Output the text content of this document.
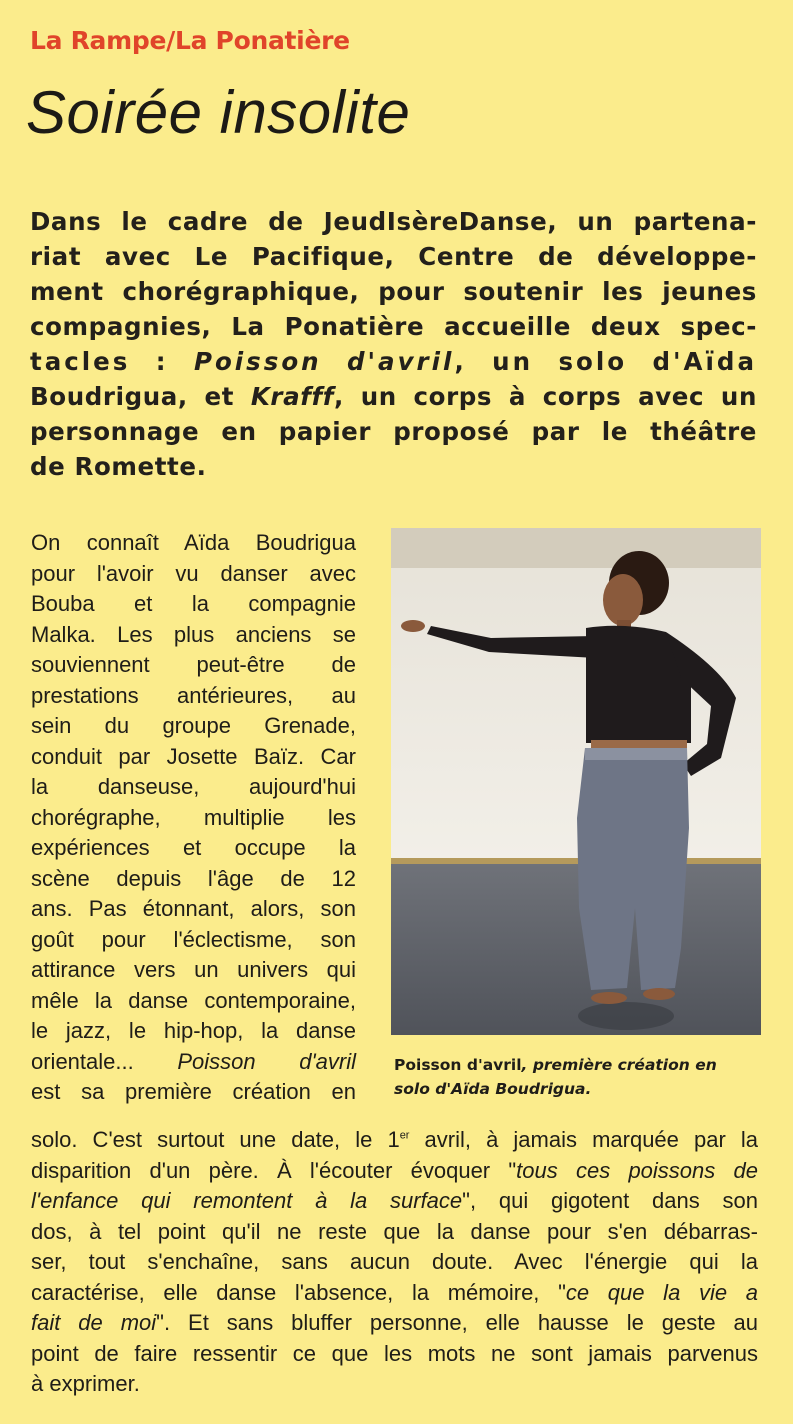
La Rampe/La Ponatière
Soirée insolite
Dans le cadre de JeudIsèreDanse, un partena-
riat avec Le Pacifique, Centre de développe-
ment chorégraphique, pour soutenir les jeunes
compagnies, La Ponatière accueille deux spec-
tacles : Poisson d'avril, un solo d'Aïda
Boudrigua, et Krafff, un corps à corps avec un
personnage en papier proposé par le théâtre
de Romette.
On connaît Aïda Boudrigua
pour l'avoir vu danser avec
Bouba et la compagnie
Malka. Les plus anciens se
souviennent peut-être de
prestations antérieures, au
sein du groupe Grenade,
conduit par Josette Baïz. Car
la danseuse, aujourd'hui
chorégraphe, multiplie les
expériences et occupe la
scène depuis l'âge de 12
ans. Pas étonnant, alors, son
goût pour l'éclectisme, son
attirance vers un univers qui
mêle la danse contemporaine,
le jazz, le hip-hop, la danse
orientale... Poisson d'avril
est sa première création en
Poisson d'avril, première création en
solo d'Aïda Boudrigua.
solo. C'est surtout une date, le 1er avril, à jamais marquée par la
disparition d'un père. À l'écouter évoquer "tous ces poissons de
l'enfance qui remontent à la surface", qui gigotent dans son
dos, à tel point qu'il ne reste que la danse pour s'en débarras-
ser, tout s'enchaîne, sans aucun doute. Avec l'énergie qui la
caractérise, elle danse l'absence, la mémoire, "ce que la vie a
fait de moi". Et sans bluffer personne, elle hausse le geste au
point de faire ressentir ce que les mots ne sont jamais parvenus
à exprimer.
